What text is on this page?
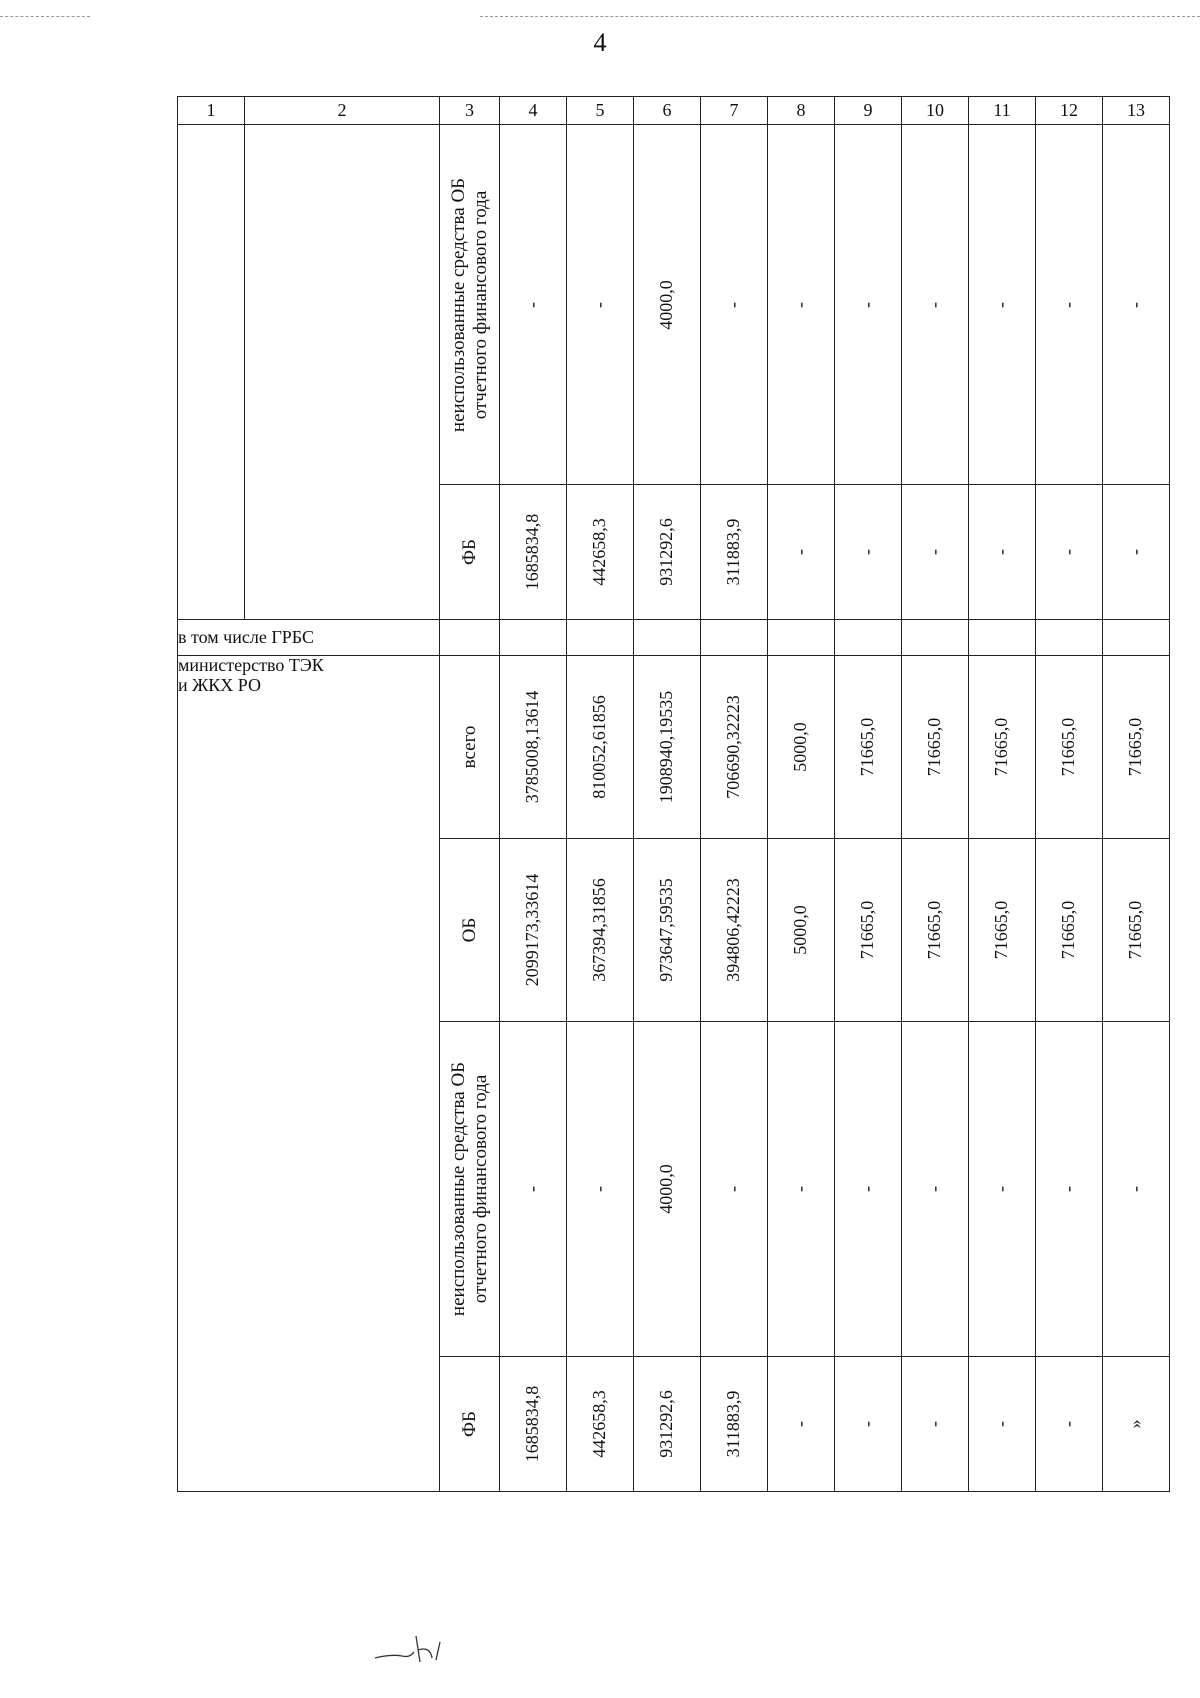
4
1	2	3	4	5	6	7	8	9	10	11	12	13

		неиспользованные средства ОБ отчетного финансового года	-	-	4000,0	-	-	-	-	-	-	-

		ФБ	1685834,8	442658,3	931292,6	311883,9	-	-	-	-	-	-

в том числе ГРБС												

министерство ТЭК
и ЖКХ РО		всего	3785008,13614	810052,61856	1908940,19535	706690,32223	5000,0	71665,0	71665,0	71665,0	71665,0	71665,0

		ОБ	2099173,33614	367394,31856	973647,59535	394806,42223	5000,0	71665,0	71665,0	71665,0	71665,0	71665,0

		неиспользованные средства ОБ отчетного финансового года	-	-	4000,0	-	-	-	-	-	-	-

		ФБ	1685834,8	442658,3	931292,6	311883,9	-	-	-	-	-	»
